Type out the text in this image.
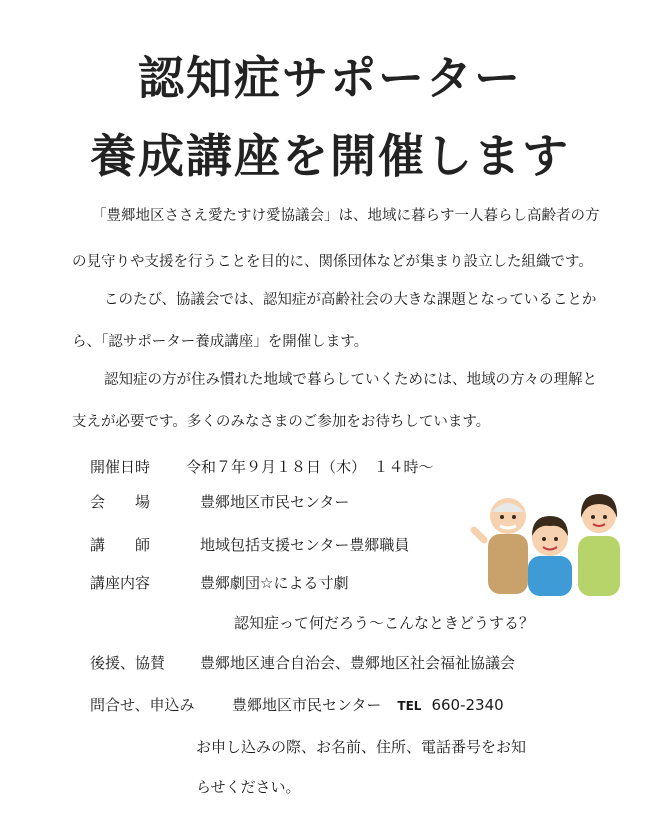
認知症サポーター
養成講座を開催します

「豊郷地区ささえ愛たすけ愛協議会」は、地域に暮らす一人暮らし高齢者の方

の見守りや支援を行うことを目的に、関係団体などが集まり設立した組織です。

このたび、協議会では、認知症が高齢社会の大きな課題となっていることか

ら、「認サポーター養成講座」を開催します。

認知症の方が住み慣れた地域で暮らしていくためには、地域の方々の理解と

支えが必要です。多くのみなさまのご参加をお待ちしています。

開催日時 令和７年９月１８日（木）　１４時～
会　　場	豊郷地区市民センター
講　　師	地域包括支援センター豊郷職員
講座内容	豊郷劇団☆による寸劇
認知症って何だろう～こんなときどうする？
後援、協賛 豊郷地区連合自治会、豊郷地区社会福祉協議会
問合せ、申込み 豊郷地区市民センター TEL 660-2340
お申し込みの際、お名前、住所、電話番号をお知
らせください。
